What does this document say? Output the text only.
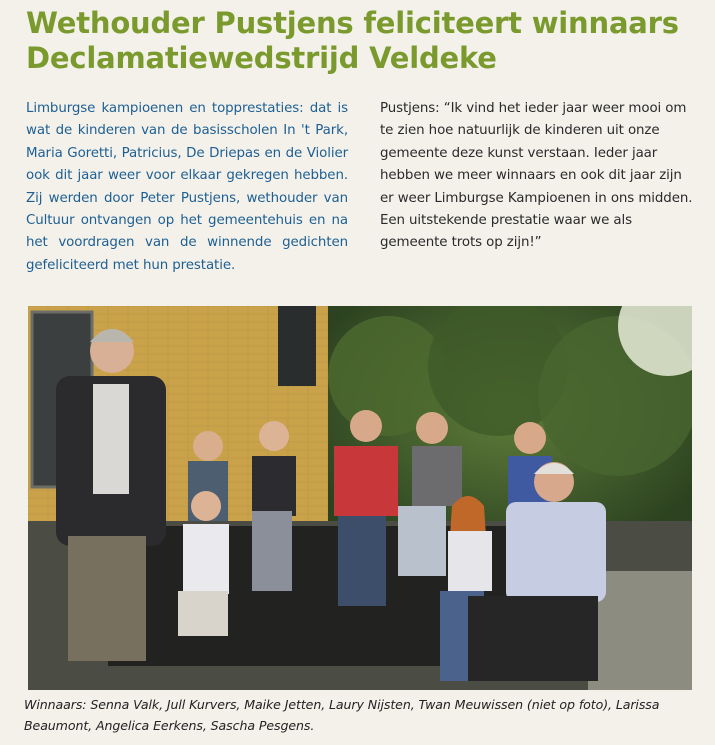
Wethouder Pustjens feliciteert winnaars Declamatiewedstrijd Veldeke
Limburgse kampioenen en topprestaties: dat is wat de kinderen van de basisscholen In 't Park, Maria Goretti, Patricius, De Driepas en de Violier ook dit jaar weer voor elkaar gekregen hebben. Zij werden door Peter Pustjens, wethouder van Cultuur ontvangen op het gemeentehuis en na het voordragen van de winnende gedichten gefeliciteerd met hun prestatie.
Pustjens: “Ik vind het ieder jaar weer mooi om te zien hoe natuurlijk de kinderen uit onze gemeente deze kunst verstaan. Ieder jaar hebben we meer winnaars en ook dit jaar zijn er weer Limburgse Kampioenen in ons midden. Een uitstekende prestatie waar we als gemeente trots op zijn!”
Winnaars: Senna Valk, Jull Kurvers, Maike Jetten, Laury Nijsten, Twan Meuwissen (niet op foto), Larissa Beaumont, Angelica Eerkens, Sascha Pesgens.
